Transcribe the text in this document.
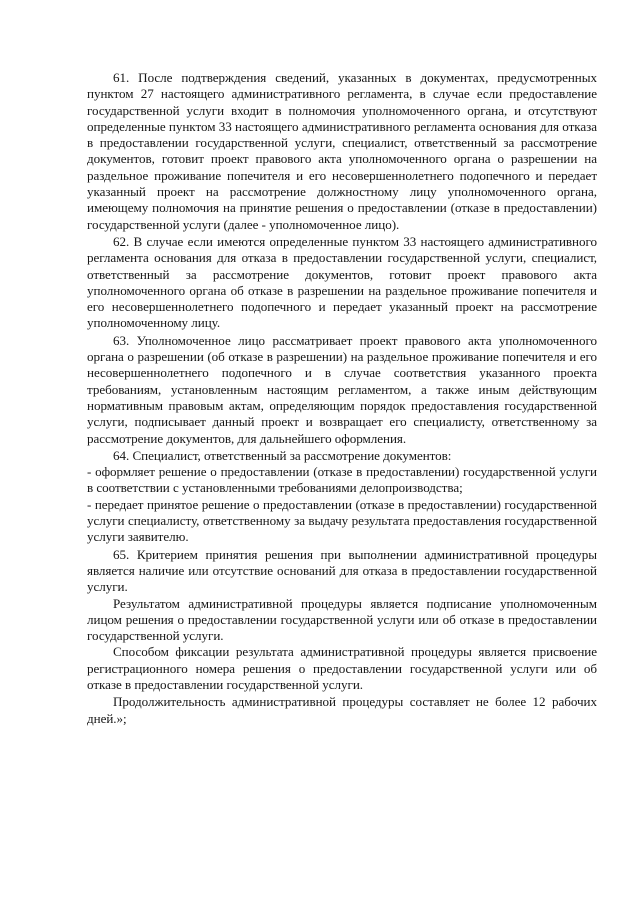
61. После подтверждения сведений, указанных в документах, предусмотренных пунктом 27 настоящего административного регламента, в случае если предоставление государственной услуги входит в полномочия уполномоченного органа, и отсутствуют определенные пунктом 33 настоящего административного регламента основания для отказа в предоставлении государственной услуги, специалист, ответственный за рассмотрение документов, готовит проект правового акта уполномоченного органа о разрешении на раздельное проживание попечителя и его несовершеннолетнего подопечного и передает указанный проект на рассмотрение должностному лицу уполномоченного органа, имеющему полномочия на принятие решения о предоставлении (отказе в предоставлении) государственной услуги (далее - уполномоченное лицо).

62. В случае если имеются определенные пунктом 33 настоящего административного регламента основания для отказа в предоставлении государственной услуги, специалист, ответственный за рассмотрение документов, готовит проект правового акта уполномоченного органа об отказе в разрешении на раздельное проживание попечителя и его несовершеннолетнего подопечного и передает указанный проект на рассмотрение уполномоченному лицу.

63. Уполномоченное лицо рассматривает проект правового акта уполномоченного органа о разрешении (об отказе в разрешении) на раздельное проживание попечителя и его несовершеннолетнего подопечного и в случае соответствия указанного проекта требованиям, установленным настоящим регламентом, а также иным действующим нормативным правовым актам, определяющим порядок предоставления государственной услуги, подписывает данный проект и возвращает его специалисту, ответственному за рассмотрение документов, для дальнейшего оформления.

64. Специалист, ответственный за рассмотрение документов:

- оформляет решение о предоставлении (отказе в предоставлении) государственной услуги в соответствии с установленными требованиями делопроизводства;

- передает принятое решение о предоставлении (отказе в предоставлении) государственной услуги специалисту, ответственному за выдачу результата предоставления государственной услуги заявителю.

65. Критерием принятия решения при выполнении административной процедуры является наличие или отсутствие оснований для отказа в предоставлении государственной услуги.

Результатом административной процедуры является подписание уполномоченным лицом решения о предоставлении государственной услуги или об отказе в предоставлении государственной услуги.

Способом фиксации результата административной процедуры является присвоение регистрационного номера решения о предоставлении государственной услуги или об отказе в предоставлении государственной услуги.

Продолжительность административной процедуры составляет не более 12 рабочих дней.»;
